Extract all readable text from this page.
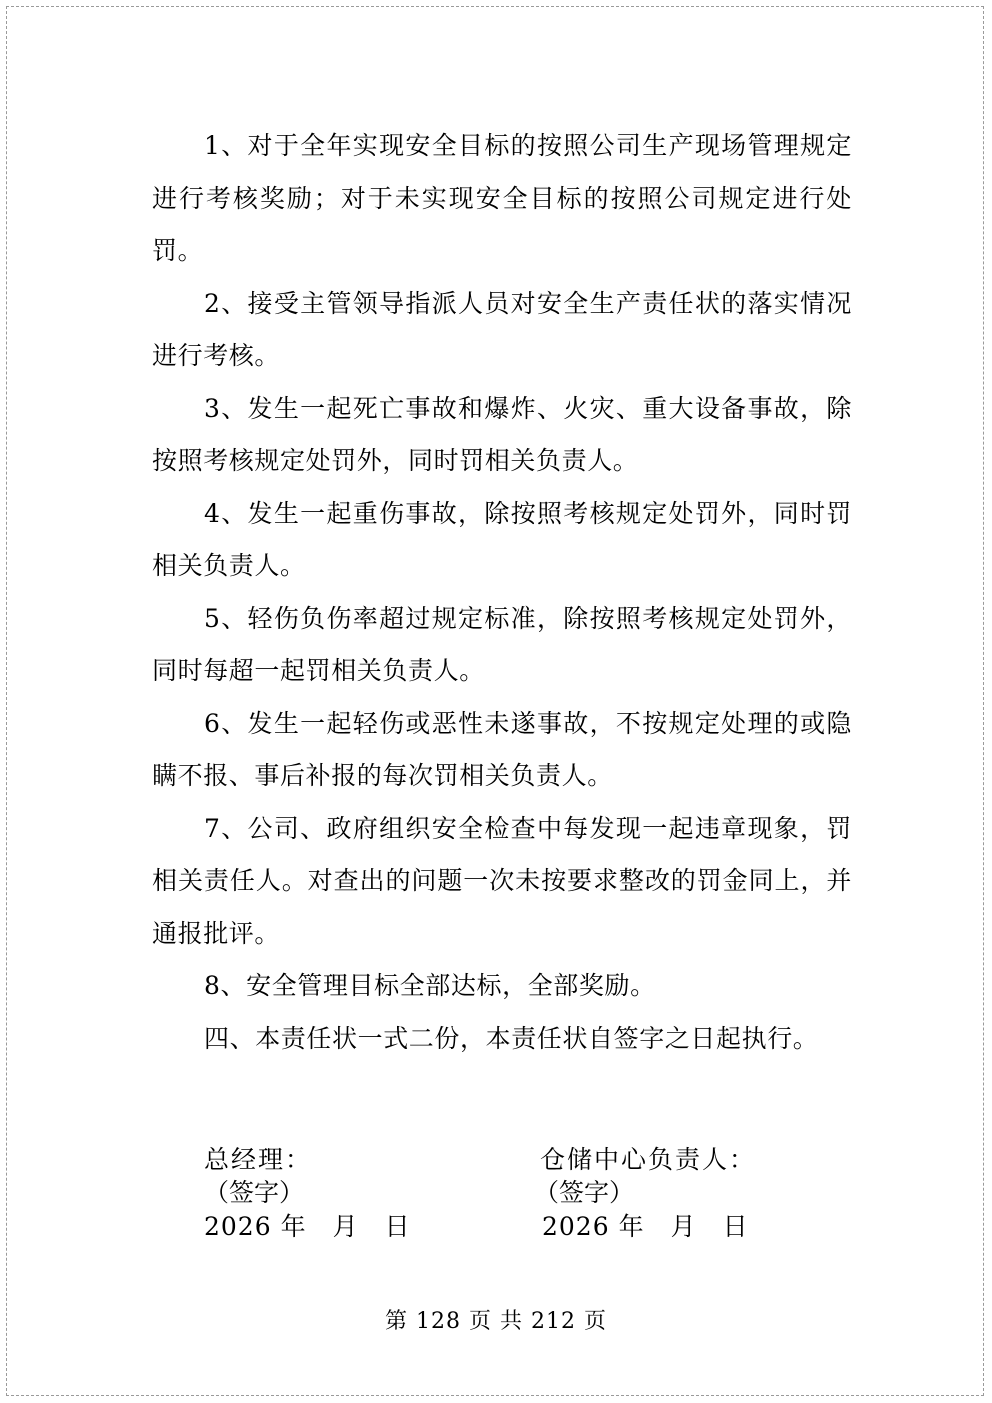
1、对于全年实现安全目标的按照公司生产现场管理规定进行考核奖励；对于未实现安全目标的按照公司规定进行处罚。

2、接受主管领导指派人员对安全生产责任状的落实情况进行考核。

3、发生一起死亡事故和爆炸、火灾、重大设备事故，除按照考核规定处罚外，同时罚相关负责人。

4、发生一起重伤事故，除按照考核规定处罚外，同时罚相关负责人。

5、轻伤负伤率超过规定标准，除按照考核规定处罚外，同时每超一起罚相关负责人。

6、发生一起轻伤或恶性未遂事故，不按规定处理的或隐瞒不报、事后补报的每次罚相关负责人。

7、公司、政府组织安全检查中每发现一起违章现象，罚相关责任人。对查出的问题一次未按要求整改的罚金同上，并通报批评。

8、安全管理目标全部达标，全部奖励。

四、本责任状一式二份，本责任状自签字之日起执行。

总经理：
（签字）
2026 年　月　日
仓储中心负责人：
（签字）
2026 年　月　日
第 128 页 共 212 页
